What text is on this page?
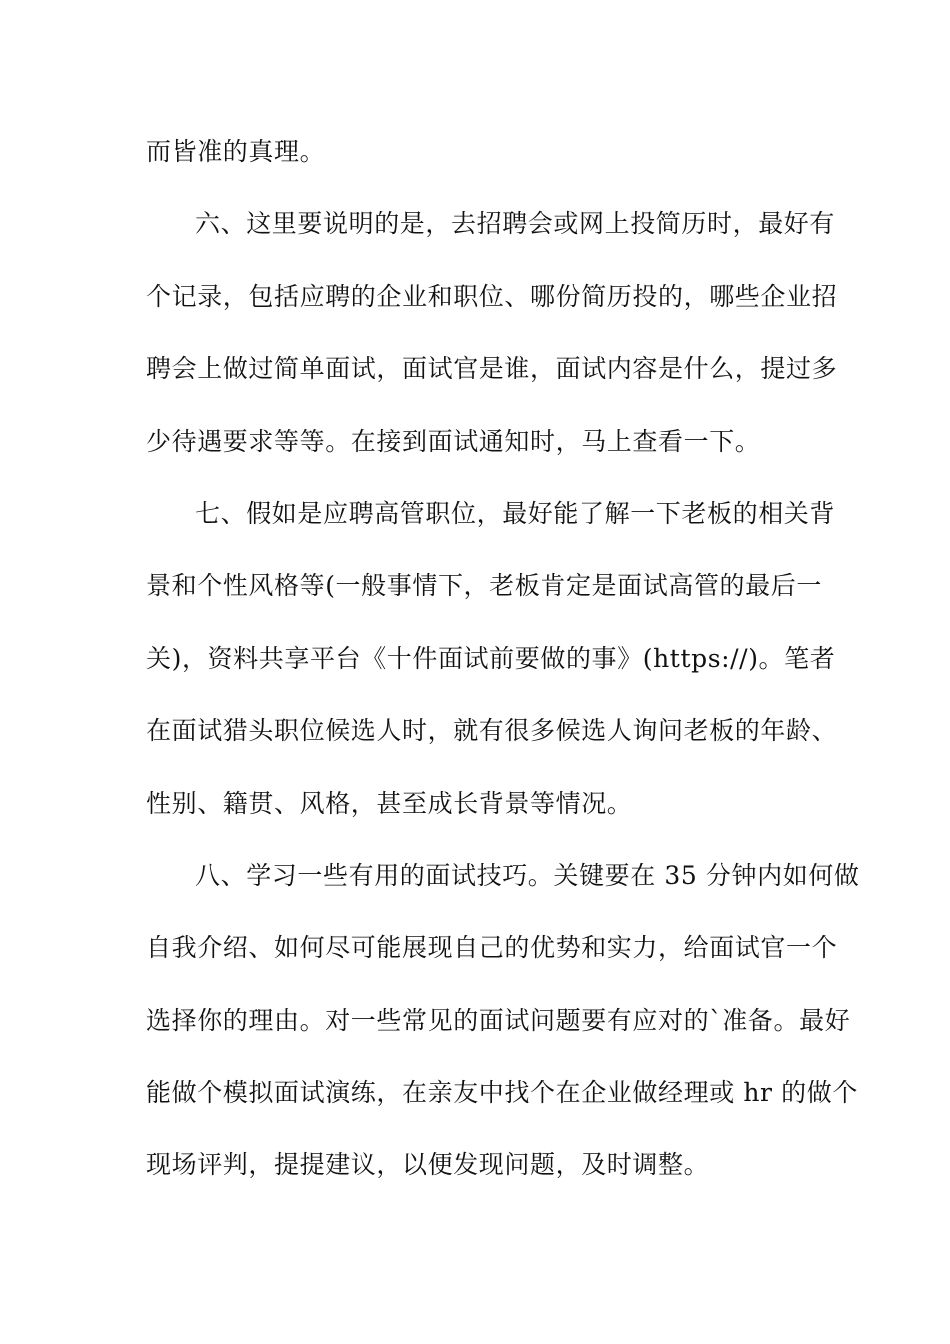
而皆准的真理。
六、这里要说明的是，去招聘会或网上投简历时，最好有
个记录，包括应聘的企业和职位、哪份简历投的，哪些企业招
聘会上做过简单面试，面试官是谁，面试内容是什么，提过多
少待遇要求等等。在接到面试通知时，马上查看一下。
七、假如是应聘高管职位，最好能了解一下老板的相关背
景和个性风格等(一般事情下，老板肯定是面试高管的最后一
关)，资料共享平台《十件面试前要做的事》(https://)。笔者
在面试猎头职位候选人时，就有很多候选人询问老板的年龄、
性别、籍贯、风格，甚至成长背景等情况。
八、学习一些有用的面试技巧。关键要在 35 分钟内如何做
自我介绍、如何尽可能展现自己的优势和实力，给面试官一个
选择你的理由。对一些常见的面试问题要有应对的`准备。最好
能做个模拟面试演练，在亲友中找个在企业做经理或 hr 的做个
现场评判，提提建议，以便发现问题，及时调整。
